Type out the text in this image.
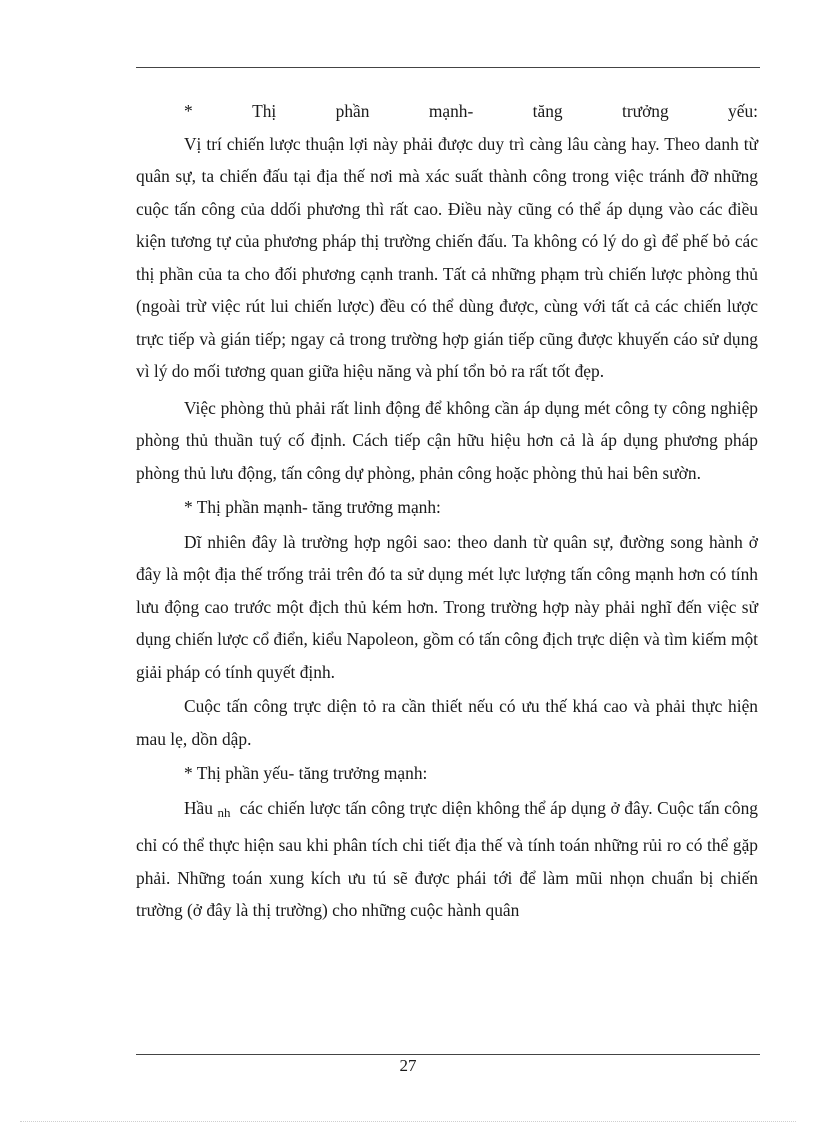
*	Thị	phần	mạnh-	tăng	trưởng	yếu:

Vị trí chiến lược thuận lợi này phải được duy trì càng lâu càng hay. Theo danh từ quân sự, ta chiến đấu tại địa thế nơi mà xác suất thành công trong việc tránh đỡ những cuộc tấn công của ddối phương thì rất cao. Điều này cũng có thể áp dụng vào các điều kiện tương tự của phương pháp thị trường chiến đấu. Ta không có lý do gì để phế bỏ các thị phần của ta cho đối phương cạnh tranh. Tất cả những phạm trù chiến lược phòng thủ (ngoài trừ việc rút lui chiến lược) đều có thể dùng được, cùng với tất cả các chiến lược trực tiếp và gián tiếp; ngay cả trong trường hợp gián tiếp cũng được khuyến cáo sử dụng vì lý do mối tương quan giữa hiệu năng và phí tổn bỏ ra rất tốt đẹp.

Việc phòng thủ phải rất linh động để không cần áp dụng mét công ty công nghiệp phòng thủ thuần tuý cố định. Cách tiếp cận hữu hiệu hơn cả là áp dụng phương pháp phòng thủ lưu động, tấn công dự phòng, phản công hoặc phòng thủ hai bên sườn.

* Thị phần mạnh- tăng trưởng mạnh:

Dĩ nhiên đây là trường hợp ngôi sao: theo danh từ quân sự, đường song hành ở đây là một địa thế trống trải trên đó ta sử dụng mét lực lượng tấn công mạnh hơn có tính lưu động cao trước một địch thủ kém hơn. Trong trường hợp này phải nghĩ đến việc sử dụng chiến lược cổ điển, kiểu Napoleon, gồm có tấn công địch trực diện và tìm kiếm một giải pháp có tính quyết định.

Cuộc tấn công trực diện tỏ ra cần thiết nếu có ưu thế khá cao và phải thực hiện mau lẹ, dồn dập.

* Thị phần yếu- tăng trưởng mạnh:

Hầu nh các chiến lược tấn công trực diện không thể áp dụng ở đây. Cuộc tấn công chỉ có thể thực hiện sau khi phân tích chi tiết địa thế và tính toán những rủi ro có thể gặp phải. Những toán xung kích ưu tú sẽ được phái tới để làm mũi nhọn chuẩn bị chiến trường (ở đây là thị trường) cho những cuộc hành quân

27
